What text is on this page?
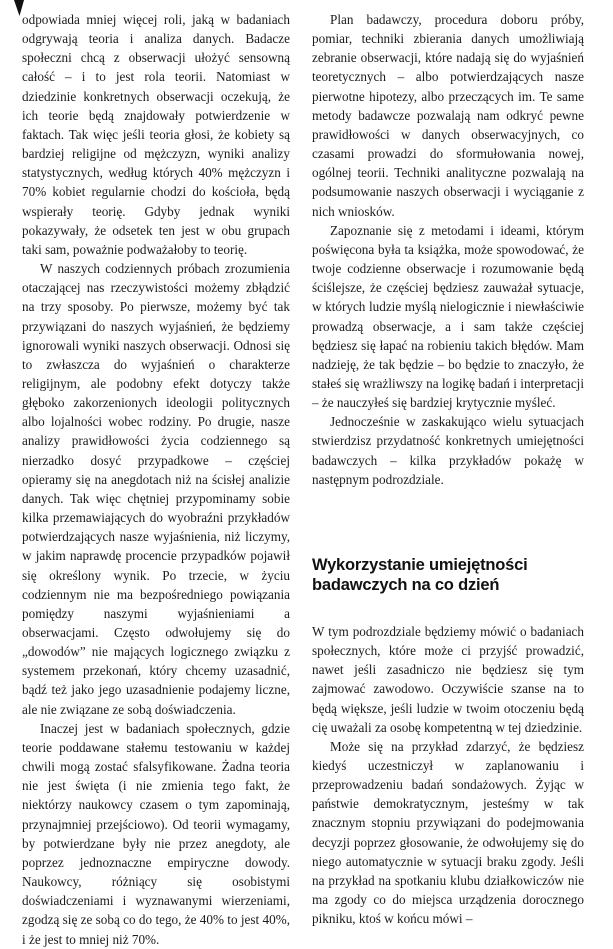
odpowiada mniej więcej roli, jaką w badaniach odgrywają teoria i analiza danych. Badacze społeczni chcą z obserwacji ułożyć sensowną całość – i to jest rola teorii. Natomiast w dziedzinie konkretnych obserwacji oczekują, że ich teorie będą znajdowały potwierdzenie w faktach. Tak więc jeśli teoria głosi, że kobiety są bardziej religijne od mężczyzn, wyniki analizy statystycznych, według których 40% mężczyzn i 70% kobiet regularnie chodzi do kościoła, będą wspierały teorię. Gdyby jednak wyniki pokazywały, że odsetek ten jest w obu grupach taki sam, poważnie podważałoby to teorię.

W naszych codziennych próbach zrozumienia otaczającej nas rzeczywistości możemy zbłądzić na trzy sposoby. Po pierwsze, możemy być tak przywiązani do naszych wyjaśnień, że będziemy ignorowali wyniki naszych obserwacji. Odnosi się to zwłaszcza do wyjaśnień o charakterze religijnym, ale podobny efekt dotyczy także głęboko zakorzenionych ideologii politycznych albo lojalności wobec rodziny. Po drugie, nasze analizy prawidłowości życia codziennego są nierzadko dosyć przypadkowe – częściej opieramy się na anegdotach niż na ścisłej analizie danych. Tak więc chętniej przypominamy sobie kilka przemawiających do wyobraźni przykładów potwierdzających nasze wyjaśnienia, niż liczymy, w jakim naprawdę procencie przypadków pojawił się określony wynik. Po trzecie, w życiu codziennym nie ma bezpośredniego powiązania pomiędzy naszymi wyjaśnieniami a obserwacjami. Często odwołujemy się do „dowodów” nie mających logicznego związku z systemem przekonań, który chcemy uzasadnić, bądź też jako jego uzasadnienie podajemy liczne, ale nie związane ze sobą doświadczenia.

Inaczej jest w badaniach społecznych, gdzie teorie poddawane stałemu testowaniu w każdej chwili mogą zostać sfalsyfikowane. Żadna teoria nie jest święta (i nie zmienia tego fakt, że niektórzy naukowcy czasem o tym zapominają, przynajmniej przejściowo). Od teorii wymagamy, by potwierdzane były nie przez anegdoty, ale poprzez jednoznaczne empiryczne dowody. Naukowcy, różniący się osobistymi doświadczeniami i wyznawanymi wierzeniami, zgodzą się ze sobą co do tego, że 40% to jest 40%, i że jest to mniej niż 70%.

Plan badawczy, procedura doboru próby, pomiar, techniki zbierania danych umożliwiają zebranie obserwacji, które nadają się do wyjaśnień teoretycznych – albo potwierdzających nasze pierwotne hipotezy, albo przeczących im. Te same metody badawcze pozwalają nam odkryć pewne prawidłowości w danych obserwacyjnych, co czasami prowadzi do sformułowania nowej, ogólnej teorii. Techniki analityczne pozwalają na podsumowanie naszych obserwacji i wyciąganie z nich wniosków.

Zapoznanie się z metodami i ideami, którym poświęcona była ta książka, może spowodować, że twoje codzienne obserwacje i rozumowanie będą ściślejsze, że częściej będziesz zauważał sytuacje, w których ludzie myślą nielogicznie i niewłaściwie prowadzą obserwacje, a i sam także częściej będziesz się łapać na robieniu takich błędów. Mam nadzieję, że tak będzie – bo będzie to znaczyło, że stałeś się wrażliwszy na logikę badań i interpretacji – że nauczyłeś się bardziej krytycznie myśleć.

Jednocześnie w zaskakująco wielu sytuacjach stwierdzisz przydatność konkretnych umiejętności badawczych – kilka przykładów pokażę w następnym podrozdziale.

Wykorzystanie umiejętności badawczych na co dzień

W tym podrozdziale będziemy mówić o badaniach społecznych, które może ci przyjść prowadzić, nawet jeśli zasadniczo nie będziesz się tym zajmować zawodowo. Oczywiście szanse na to będą większe, jeśli ludzie w twoim otoczeniu będą cię uważali za osobę kompetentną w tej dziedzinie.

Może się na przykład zdarzyć, że będziesz kiedyś uczestniczył w zaplanowaniu i przeprowadzeniu badań sondażowych. Żyjąc w państwie demokratycznym, jesteśmy w tak znacznym stopniu przywiązani do podejmowania decyzji poprzez głosowanie, że odwołujemy się do niego automatycznie w sytuacji braku zgody. Jeśli na przykład na spotkaniu klubu działkowiczów nie ma zgody co do miejsca urządzenia dorocznego pikniku, ktoś w końcu mówi –
